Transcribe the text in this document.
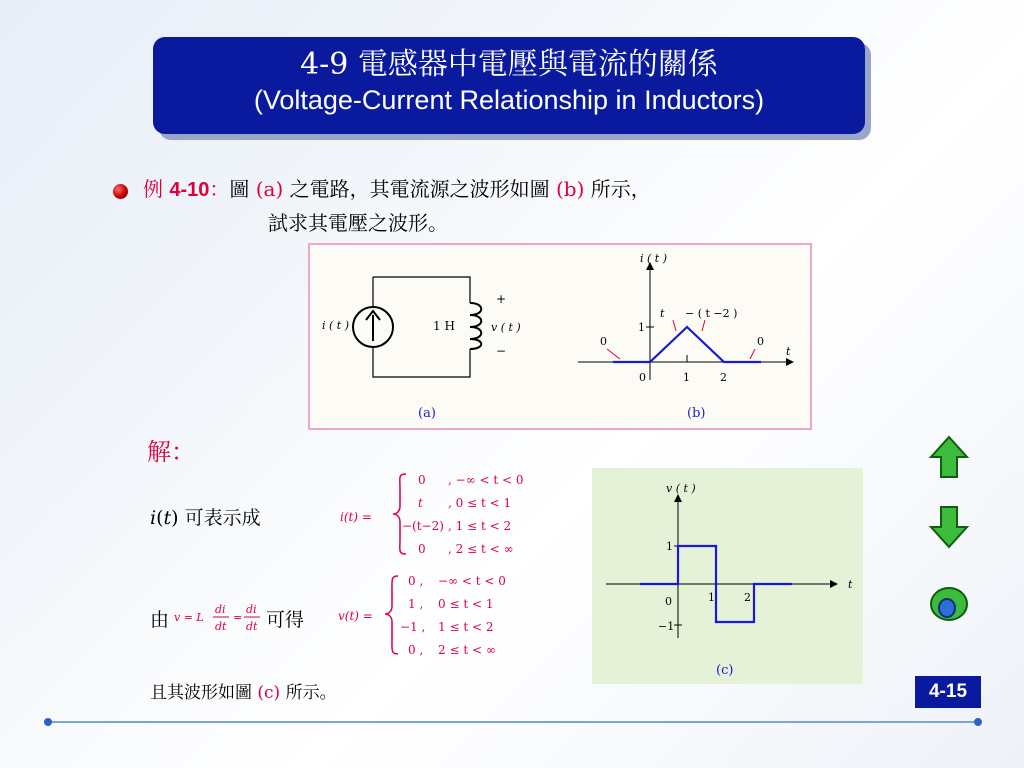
4-9 電感器中電壓與電流的關係
(Voltage-Current Relationship in Inductors)
例 4-10：圖 (a) 之電路，其電流源之波形如圖 (b) 所示，
試求其電壓之波形。
i ( t )	1 H
+
v ( t )
−
i ( t )
t
t − ( t −2 )
0	0
1
0	1	2
(a)	(b)
解：
i(t) 可表示成	i(t) =
0 , −∞ < t < 0
t , 0 ≤ t < 1
−(t−2) , 1 ≤ t < 2
0 , 2 ≤ t < ∞
由 v = L
di
dt
=
di
dt 可得	v(t) =
0 , −∞ < t < 0
1 , 0 ≤ t < 1
−1 , 1 ≤ t < 2
0 , 2 ≤ t < ∞
v ( t )
t
1
−1
0	1	2
(c)
且其波形如圖 (c) 所示。	4-15
